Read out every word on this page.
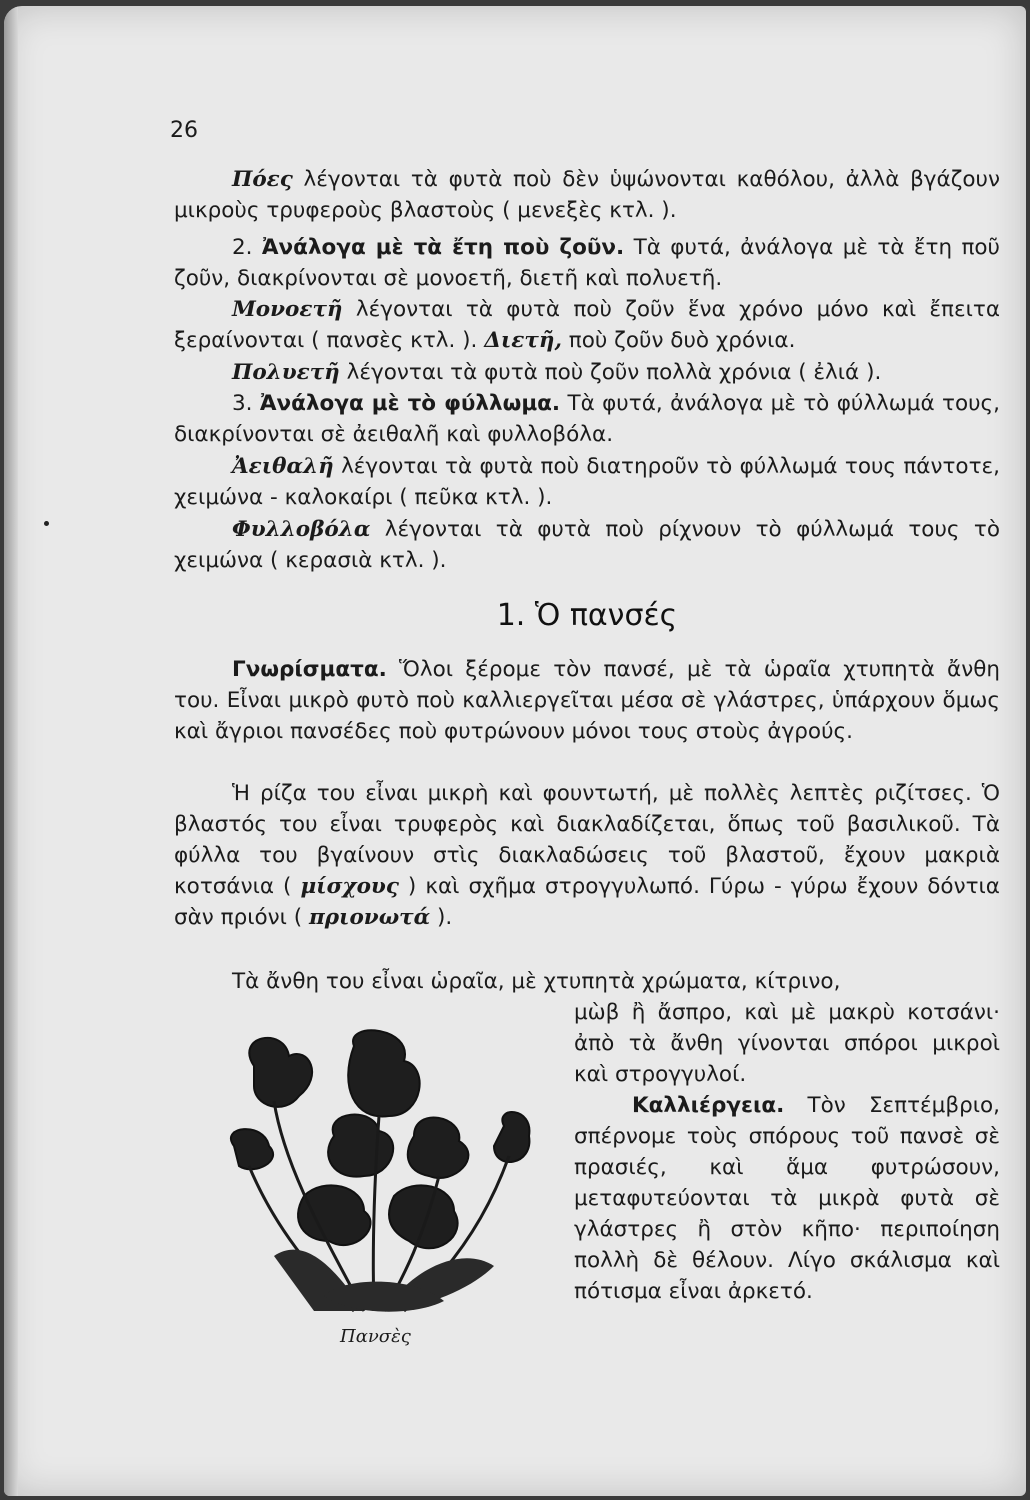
26

Πόες λέγονται τὰ φυτὰ ποὺ δὲν ὑψώνονται καθόλου, ἀλλὰ βγάζουν μικροὺς τρυφεροὺς βλαστοὺς ( μενεξὲς κτλ. ).

2. Ἀνάλογα μὲ τὰ ἔτη ποὺ ζοῦν. Τὰ φυτά, ἀνάλογα μὲ τὰ ἔτη ποῦ ζοῦν, διακρίνονται σὲ μονοετῆ, διετῆ καὶ πολυετῆ.

Μονοετῆ λέγονται τὰ φυτὰ ποὺ ζοῦν ἕνα χρόνο μόνο καὶ ἔπειτα ξεραίνονται ( πανσὲς κτλ. ). Διετῆ, ποὺ ζοῦν δυὸ χρόνια.

Πολυετῆ λέγονται τὰ φυτὰ ποὺ ζοῦν πολλὰ χρόνια ( ἐλιά ).

3. Ἀνάλογα μὲ τὸ φύλλωμα. Τὰ φυτά, ἀνάλογα μὲ τὸ φύλλωμά τους, διακρίνονται σὲ ἀειθαλῆ καὶ φυλλοβόλα.

Ἀειθαλῆ λέγονται τὰ φυτὰ ποὺ διατηροῦν τὸ φύλλωμά τους πάντοτε, χειμώνα - καλοκαίρι ( πεῦκα κτλ. ).

Φυλλοβόλα λέγονται τὰ φυτὰ ποὺ ρίχνουν τὸ φύλλωμά τους τὸ χειμώνα ( κερασιὰ κτλ. ).

1. Ὁ πανσές

Γνωρίσματα. Ὅλοι ξέρομε τὸν πανσέ, μὲ τὰ ὡραῖα χτυπητὰ ἄνθη του. Εἶναι μικρὸ φυτὸ ποὺ καλλιεργεῖται μέσα σὲ γλάστρες, ὑπάρχουν ὅμως καὶ ἄγριοι πανσέδες ποὺ φυτρώνουν μόνοι τους στοὺς ἀγρούς.

Ἡ ρίζα του εἶναι μικρὴ καὶ φουντωτή, μὲ πολλὲς λεπτὲς ριζίτσες. Ὁ βλαστός του εἶναι τρυφερὸς καὶ διακλαδίζεται, ὅπως τοῦ βασιλικοῦ. Τὰ φύλλα του βγαίνουν στὶς διακλαδώσεις τοῦ βλαστοῦ, ἔχουν μακριὰ κοτσάνια ( μίσχους ) καὶ σχῆμα στρογγυλωπό. Γύρω - γύρω ἔχουν δόντια σὰν πριόνι ( πριονωτά ).

Τὰ ἄνθη του εἶναι ὡραῖα, μὲ χτυπητὰ χρώματα, κίτρινο,

μὼβ ἢ ἄσπρο, καὶ μὲ μακρὺ κοτσάνι· ἀπὸ τὰ ἄνθη γίνονται σπόροι μικροὶ καὶ στρογγυλοί.

Καλλιέργεια. Τὸν Σεπτέμβριο, σπέρνομε τοὺς σπόρους τοῦ πανσὲ σὲ πρασιές, καὶ ἅμα φυτρώσουν, μεταφυτεύονται τὰ μικρὰ φυτὰ σὲ γλάστρες ἢ στὸν κῆπο· περιποίηση πολλὴ δὲ θέλουν. Λίγο σκάλισμα καὶ πότισμα εἶναι ἀρκετό.

Πανσὲς
